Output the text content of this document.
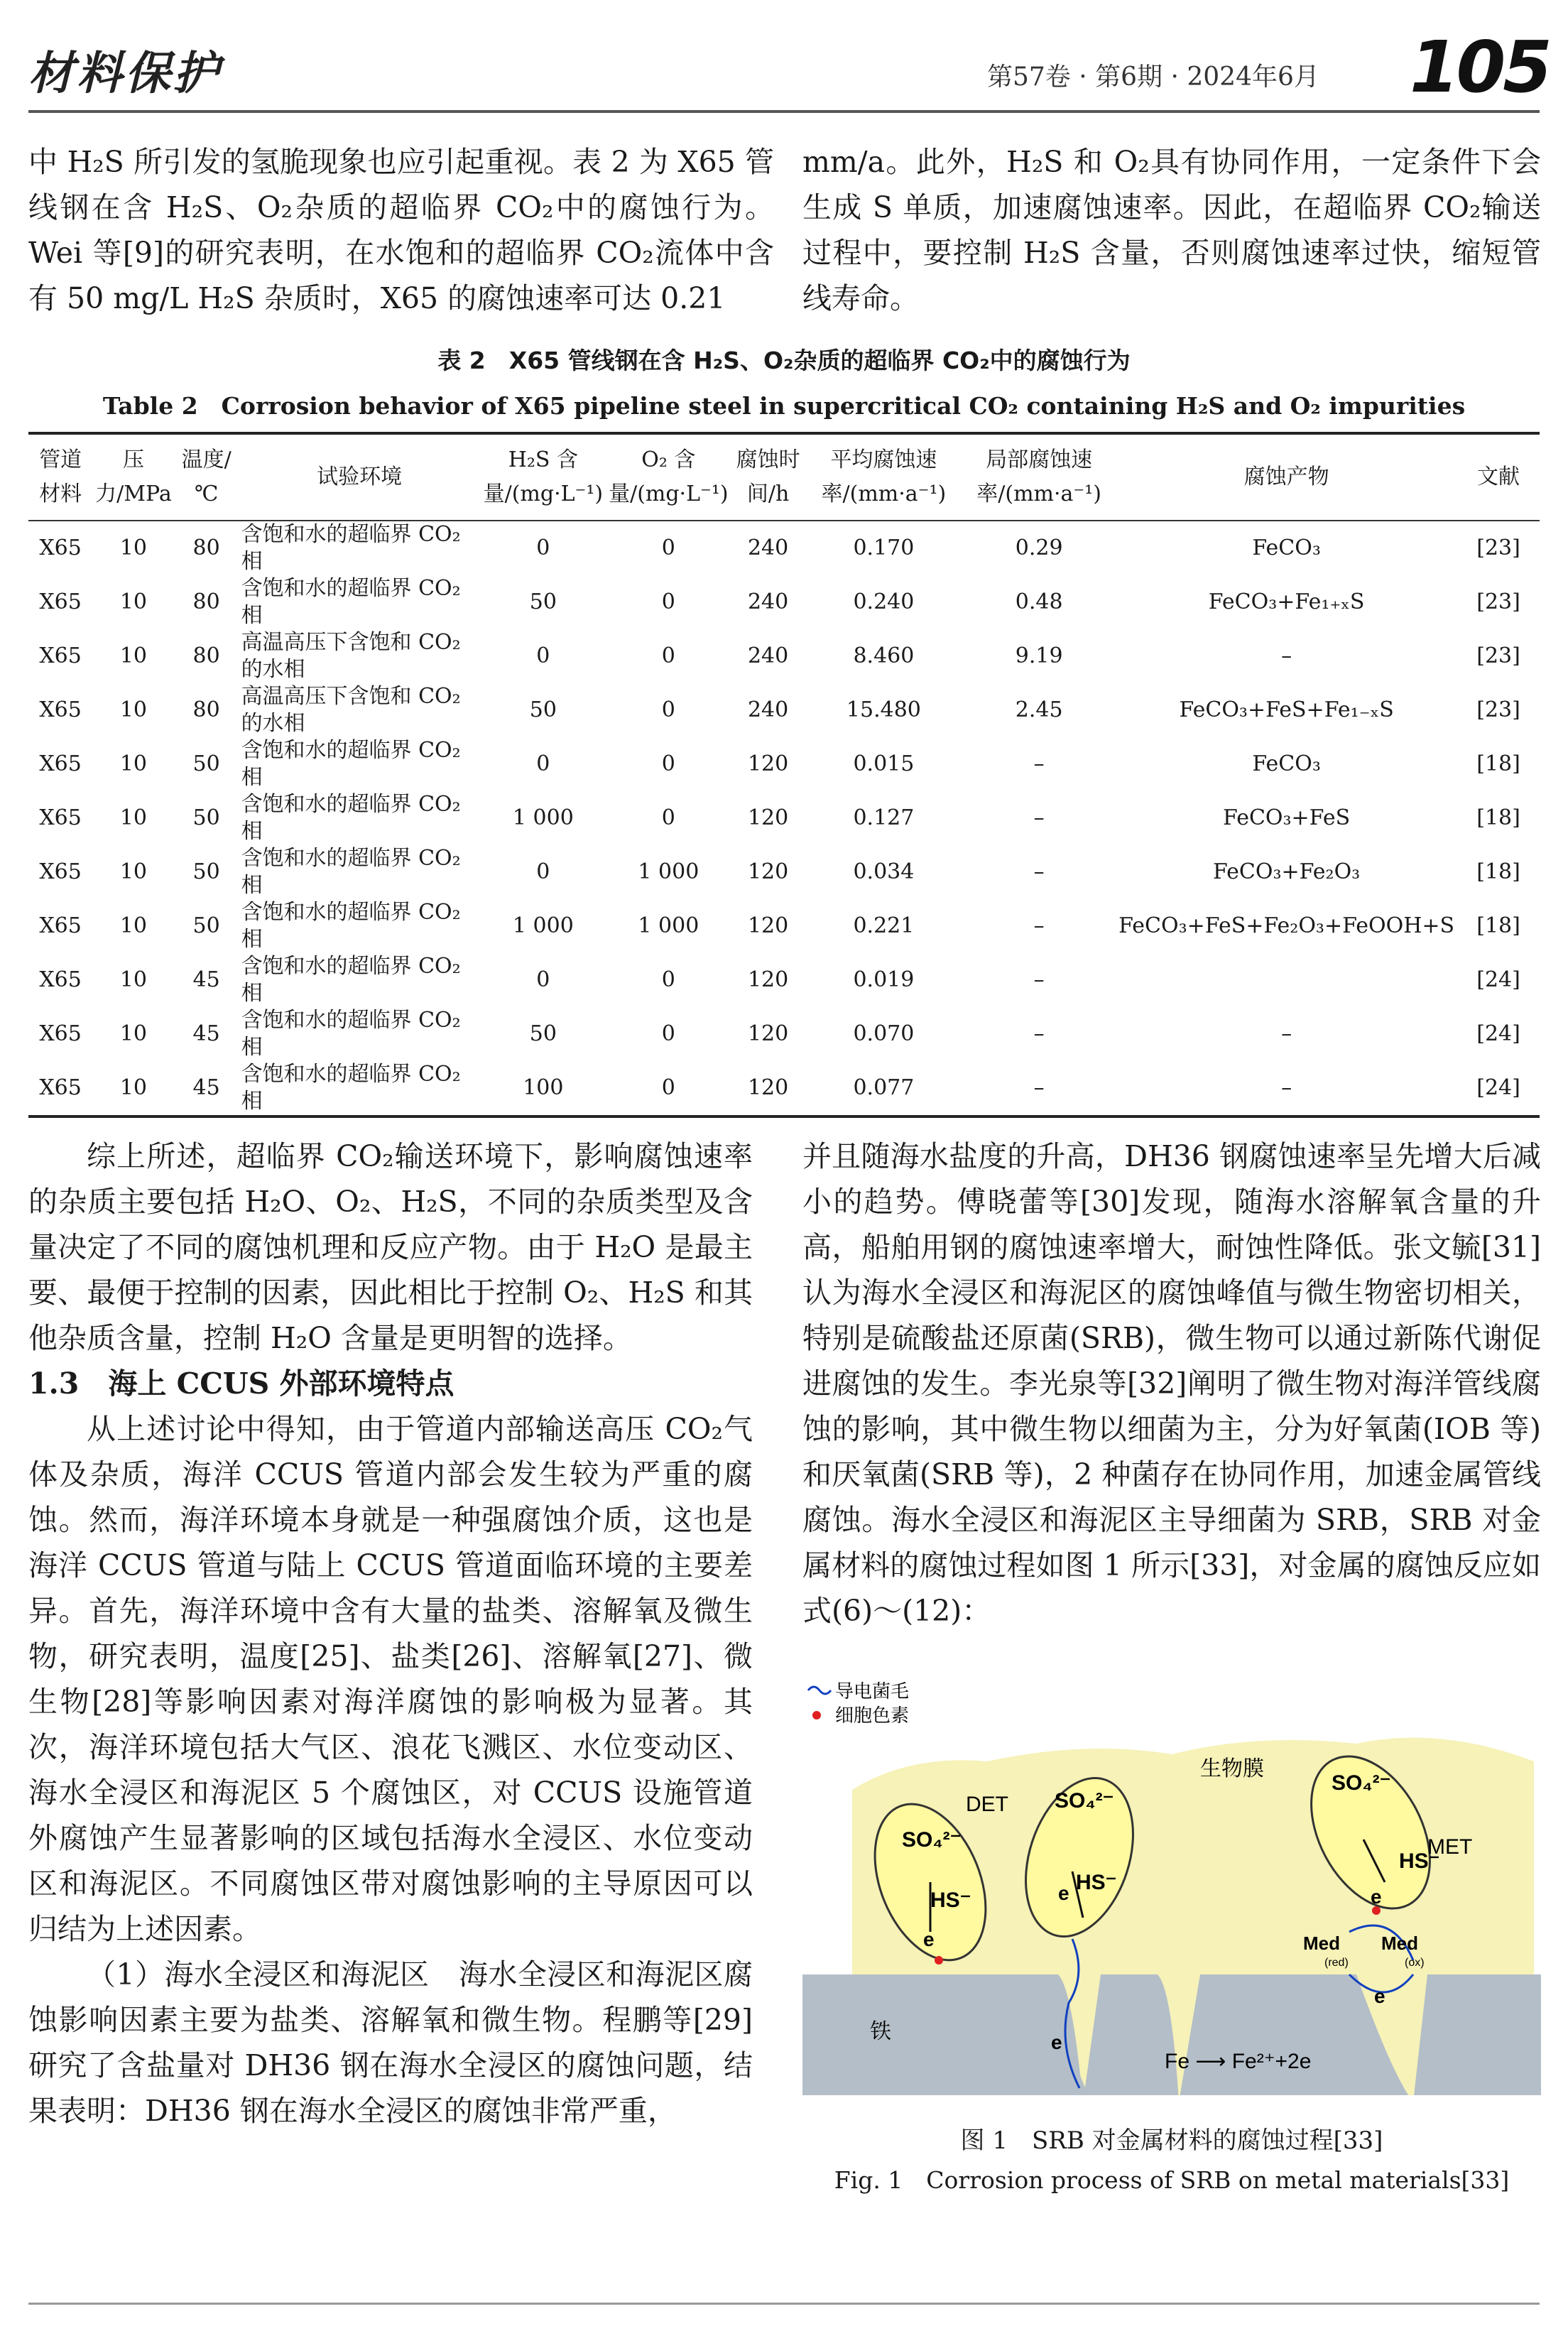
材料保护	第57卷 · 第6期 · 2024年6月 105
中 H₂S 所引发的氢脆现象也应引起重视。表 2 为 X65 管线钢在含 H₂S、O₂杂质的超临界 CO₂中的腐蚀行为。Wei 等[9]的研究表明，在水饱和的超临界 CO₂流体中含有 50 mg/L H₂S 杂质时，X65 的腐蚀速率可达 0.21
mm/a。此外，H₂S 和 O₂具有协同作用，一定条件下会生成 S 单质，加速腐蚀速率。因此，在超临界 CO₂输送过程中，要控制 H₂S 含量，否则腐蚀速率过快，缩短管线寿命。
表 2　X65 管线钢在含 H₂S、O₂杂质的超临界 CO₂中的腐蚀行为
Table 2　Corrosion behavior of X65 pipeline steel in supercritical CO₂ containing H₂S and O₂ impurities
管道材料	压力/MPa	温度/℃	试验环境	H₂S 含量/(mg·L⁻¹)	O₂ 含量/(mg·L⁻¹)	腐蚀时间/h	平均腐蚀速率/(mm·a⁻¹)	局部腐蚀速率/(mm·a⁻¹)	腐蚀产物	文献
X65	10	80	含饱和水的超临界 CO₂ 相	0	0	240	0.170	0.29	FeCO₃	[23]
X65	10	80	含饱和水的超临界 CO₂ 相	50	0	240	0.240	0.48	FeCO₃+Fe₁₊ₓS	[23]
X65	10	80	高温高压下含饱和 CO₂ 的水相	0	0	240	8.460	9.19	–	[23]
X65	10	80	高温高压下含饱和 CO₂ 的水相	50	0	240	15.480	2.45	FeCO₃+FeS+Fe₁₋ₓS	[23]
X65	10	50	含饱和水的超临界 CO₂ 相	0	0	120	0.015	–	FeCO₃	[18]
X65	10	50	含饱和水的超临界 CO₂ 相	1 000	0	120	0.127	–	FeCO₃+FeS	[18]
X65	10	50	含饱和水的超临界 CO₂ 相	0	1 000	120	0.034	–	FeCO₃+Fe₂O₃	[18]
X65	10	50	含饱和水的超临界 CO₂ 相	1 000	1 000	120	0.221	–	FeCO₃+FeS+Fe₂O₃+FeOOH+S	[18]
X65	10	45	含饱和水的超临界 CO₂ 相	0	0	120	0.019	–		[24]
X65	10	45	含饱和水的超临界 CO₂ 相	50	0	120	0.070	–	–	[24]
X65	10	45	含饱和水的超临界 CO₂ 相	100	0	120	0.077	–	–	[24]

综上所述，超临界 CO₂输送环境下，影响腐蚀速率的杂质主要包括 H₂O、O₂、H₂S，不同的杂质类型及含量决定了不同的腐蚀机理和反应产物。由于 H₂O 是最主要、最便于控制的因素，因此相比于控制 O₂、H₂S 和其他杂质含量，控制 H₂O 含量是更明智的选择。

1.3　海上 CCUS 外部环境特点

从上述讨论中得知，由于管道内部输送高压 CO₂气体及杂质，海洋 CCUS 管道内部会发生较为严重的腐蚀。然而，海洋环境本身就是一种强腐蚀介质，这也是海洋 CCUS 管道与陆上 CCUS 管道面临环境的主要差异。首先，海洋环境中含有大量的盐类、溶解氧及微生物，研究表明，温度[25]、盐类[26]、溶解氧[27]、微生物[28]等影响因素对海洋腐蚀的影响极为显著。其次，海洋环境包括大气区、浪花飞溅区、水位变动区、海水全浸区和海泥区 5 个腐蚀区，对 CCUS 设施管道外腐蚀产生显著影响的区域包括海水全浸区、水位变动区和海泥区。不同腐蚀区带对腐蚀影响的主导原因可以归结为上述因素。

（1）海水全浸区和海泥区　海水全浸区和海泥区腐蚀影响因素主要为盐类、溶解氧和微生物。程鹏等[29]研究了含盐量对 DH36 钢在海水全浸区的腐蚀问题，结果表明：DH36 钢在海水全浸区的腐蚀非常严重，

并且随海水盐度的升高，DH36 钢腐蚀速率呈先增大后减小的趋势。傅晓蕾等[30]发现，随海水溶解氧含量的升高，船舶用钢的腐蚀速率增大，耐蚀性降低。张文毓[31]认为海水全浸区和海泥区的腐蚀峰值与微生物密切相关，特别是硫酸盐还原菌(SRB)，微生物可以通过新陈代谢促进腐蚀的发生。李光泉等[32]阐明了微生物对海洋管线腐蚀的影响，其中微生物以细菌为主，分为好氧菌(IOB 等)和厌氧菌(SRB 等)，2 种菌存在协同作用，加速金属管线腐蚀。海水全浸区和海泥区主导细菌为 SRB，SRB 对金属材料的腐蚀过程如图 1 所示[33]，对金属的腐蚀反应如式(6)～(12)：

导电菌毛
细胞色素
生物膜
DET
MET
SO₄²⁻
SO₄²⁻
SO₄²⁻
HS⁻
HS⁻
HS⁻
e
e
e
e
e
Med
(red)
Med
(ox)
铁
Fe ⟶ Fe²⁺+2e
图 1　SRB 对金属材料的腐蚀过程[33]
Fig. 1　Corrosion process of SRB on metal materials[33]
